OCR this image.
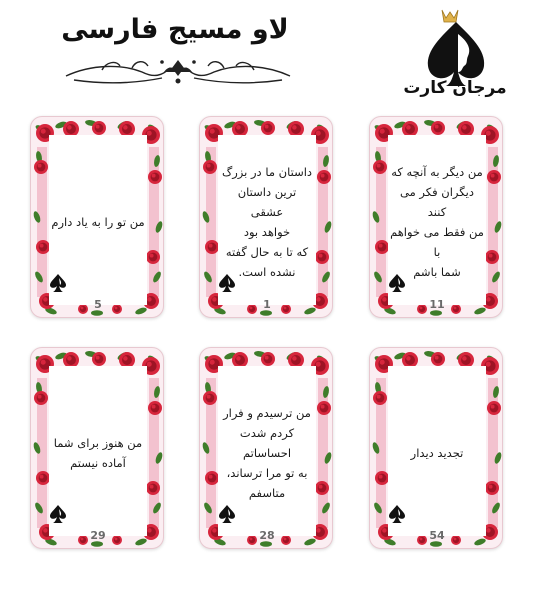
لاو مسیج فارسی
مرجان کارت
من تو را به یاد دارم
5
داستان ما در بزرگ
ترین داستان عشقی
خواهد بود
که تا به حال گفته
نشده است.
1
من دیگر به آنچه که
دیگران فکر می کنند
من فقط می خواهم با
شما باشم
11
من هنوز برای شما
آماده نیستم
29
من ترسیدم و فرار
کردم شدت احساساتم
به تو مرا ترساند،
متاسفم
28
تجدید دیدار
54
